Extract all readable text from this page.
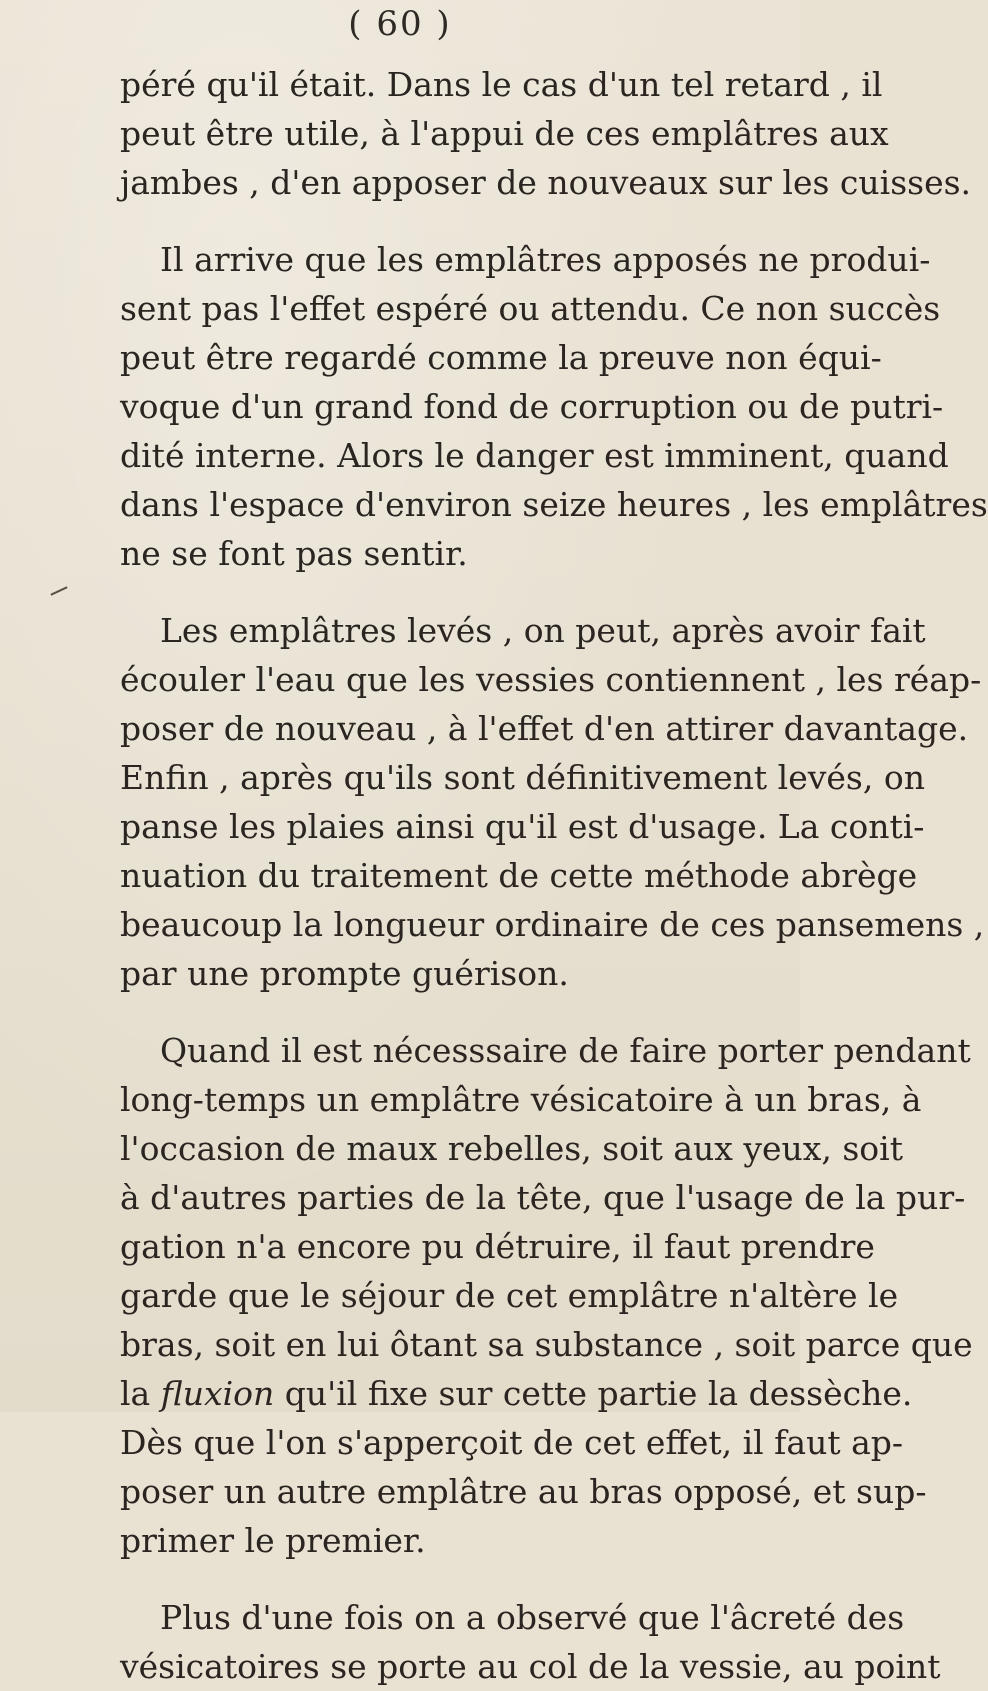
( 60 )
péré qu'il était. Dans le cas d'un tel retard , il
peut être utile, à l'appui de ces emplâtres aux
jambes , d'en apposer de nouveaux sur les cuisses.
Il arrive que les emplâtres apposés ne produi-
sent pas l'effet espéré ou attendu. Ce non succès
peut être regardé comme la preuve non équi-
voque d'un grand fond de corruption ou de putri-
dité interne. Alors le danger est imminent, quand
dans l'espace d'environ seize heures , les emplâtres
ne se font pas sentir.
Les emplâtres levés , on peut, après avoir fait
écouler l'eau que les vessies contiennent , les réap-
poser de nouveau , à l'effet d'en attirer davantage.
Enfin , après qu'ils sont définitivement levés, on
panse les plaies ainsi qu'il est d'usage. La conti-
nuation du traitement de cette méthode abrège
beaucoup la longueur ordinaire de ces pansemens ,
par une prompte guérison.
Quand il est nécesssaire de faire porter pendant
long-temps un emplâtre vésicatoire à un bras, à
l'occasion de maux rebelles, soit aux yeux, soit
à d'autres parties de la tête, que l'usage de la pur-
gation n'a encore pu détruire, il faut prendre
garde que le séjour de cet emplâtre n'altère le
bras, soit en lui ôtant sa substance , soit parce que
la fluxion qu'il fixe sur cette partie la dessèche.
Dès que l'on s'apperçoit de cet effet, il faut ap-
poser un autre emplâtre au bras opposé, et sup-
primer le premier.
Plus d'une fois on a observé que l'âcreté des
vésicatoires se porte au col de la vessie, au point
